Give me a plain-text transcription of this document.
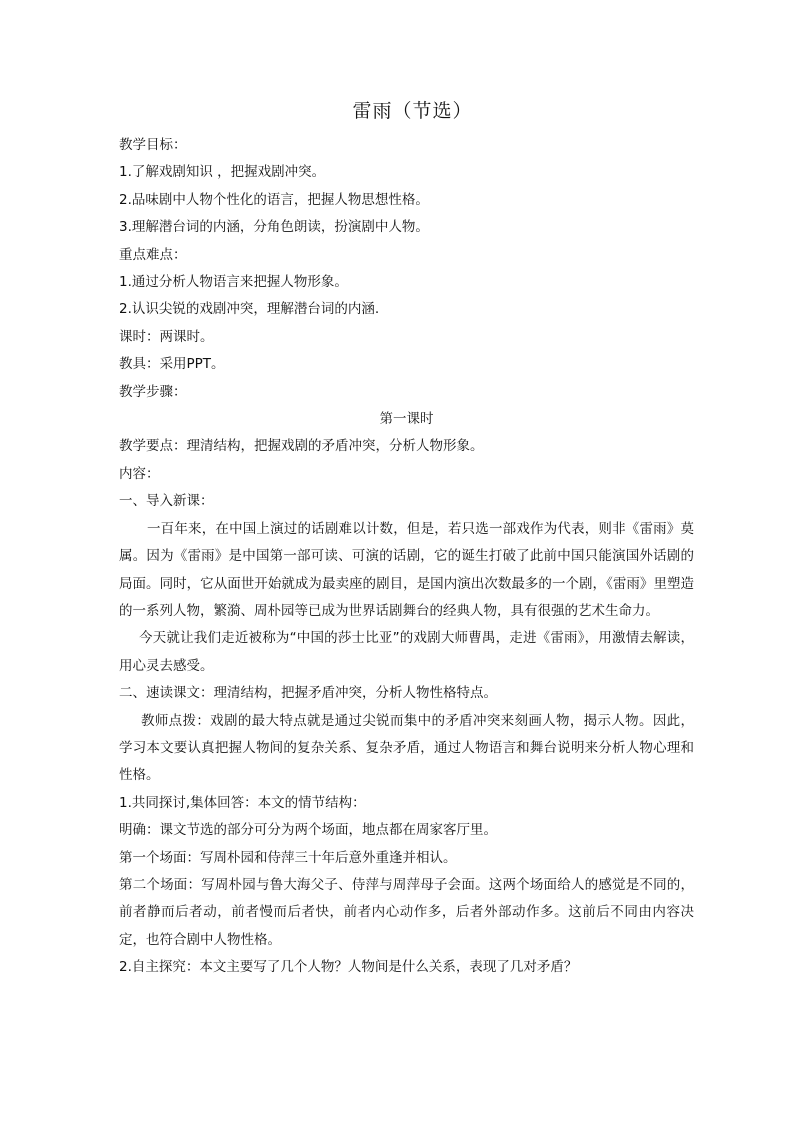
雷雨（节选）
教学目标：
1.了解戏剧知识 ，把握戏剧冲突。
2.品味剧中人物个性化的语言，把握人物思想性格。
3.理解潜台词的内涵，分角色朗读，扮演剧中人物。
重点难点：
1.通过分析人物语言来把握人物形象。
2.认识尖锐的戏剧冲突，理解潜台词的内涵.
课时：两课时。
教具：采用PPT。
教学步骤：
第一课时
教学要点：理清结构，把握戏剧的矛盾冲突，分析人物形象。
内容：
一、导入新课：
一百年来，在中国上演过的话剧难以计数，但是，若只选一部戏作为代表，则非《雷雨》莫属。因为《雷雨》是中国第一部可读、可演的话剧，它的诞生打破了此前中国只能演国外话剧的局面。同时，它从面世开始就成为最卖座的剧目，是国内演出次数最多的一个剧，《雷雨》里塑造的一系列人物，繁漪、周朴园等已成为世界话剧舞台的经典人物，具有很强的艺术生命力。
今天就让我们走近被称为“中国的莎士比亚”的戏剧大师曹禺，走进《雷雨》，用激情去解读，用心灵去感受。
二、速读课文：理清结构，把握矛盾冲突，分析人物性格特点。
教师点拨：戏剧的最大特点就是通过尖锐而集中的矛盾冲突来刻画人物，揭示人物。因此，学习本文要认真把握人物间的复杂关系、复杂矛盾，通过人物语言和舞台说明来分析人物心理和性格。
1.共同探讨,集体回答：本文的情节结构：
明确：课文节选的部分可分为两个场面，地点都在周家客厅里。
第一个场面：写周朴园和侍萍三十年后意外重逢并相认。
第二个场面：写周朴园与鲁大海父子、侍萍与周萍母子会面。这两个场面给人的感觉是不同的，前者静而后者动，前者慢而后者快，前者内心动作多，后者外部动作多。这前后不同由内容决定，也符合剧中人物性格。
2.自主探究：本文主要写了几个人物？人物间是什么关系，表现了几对矛盾？
